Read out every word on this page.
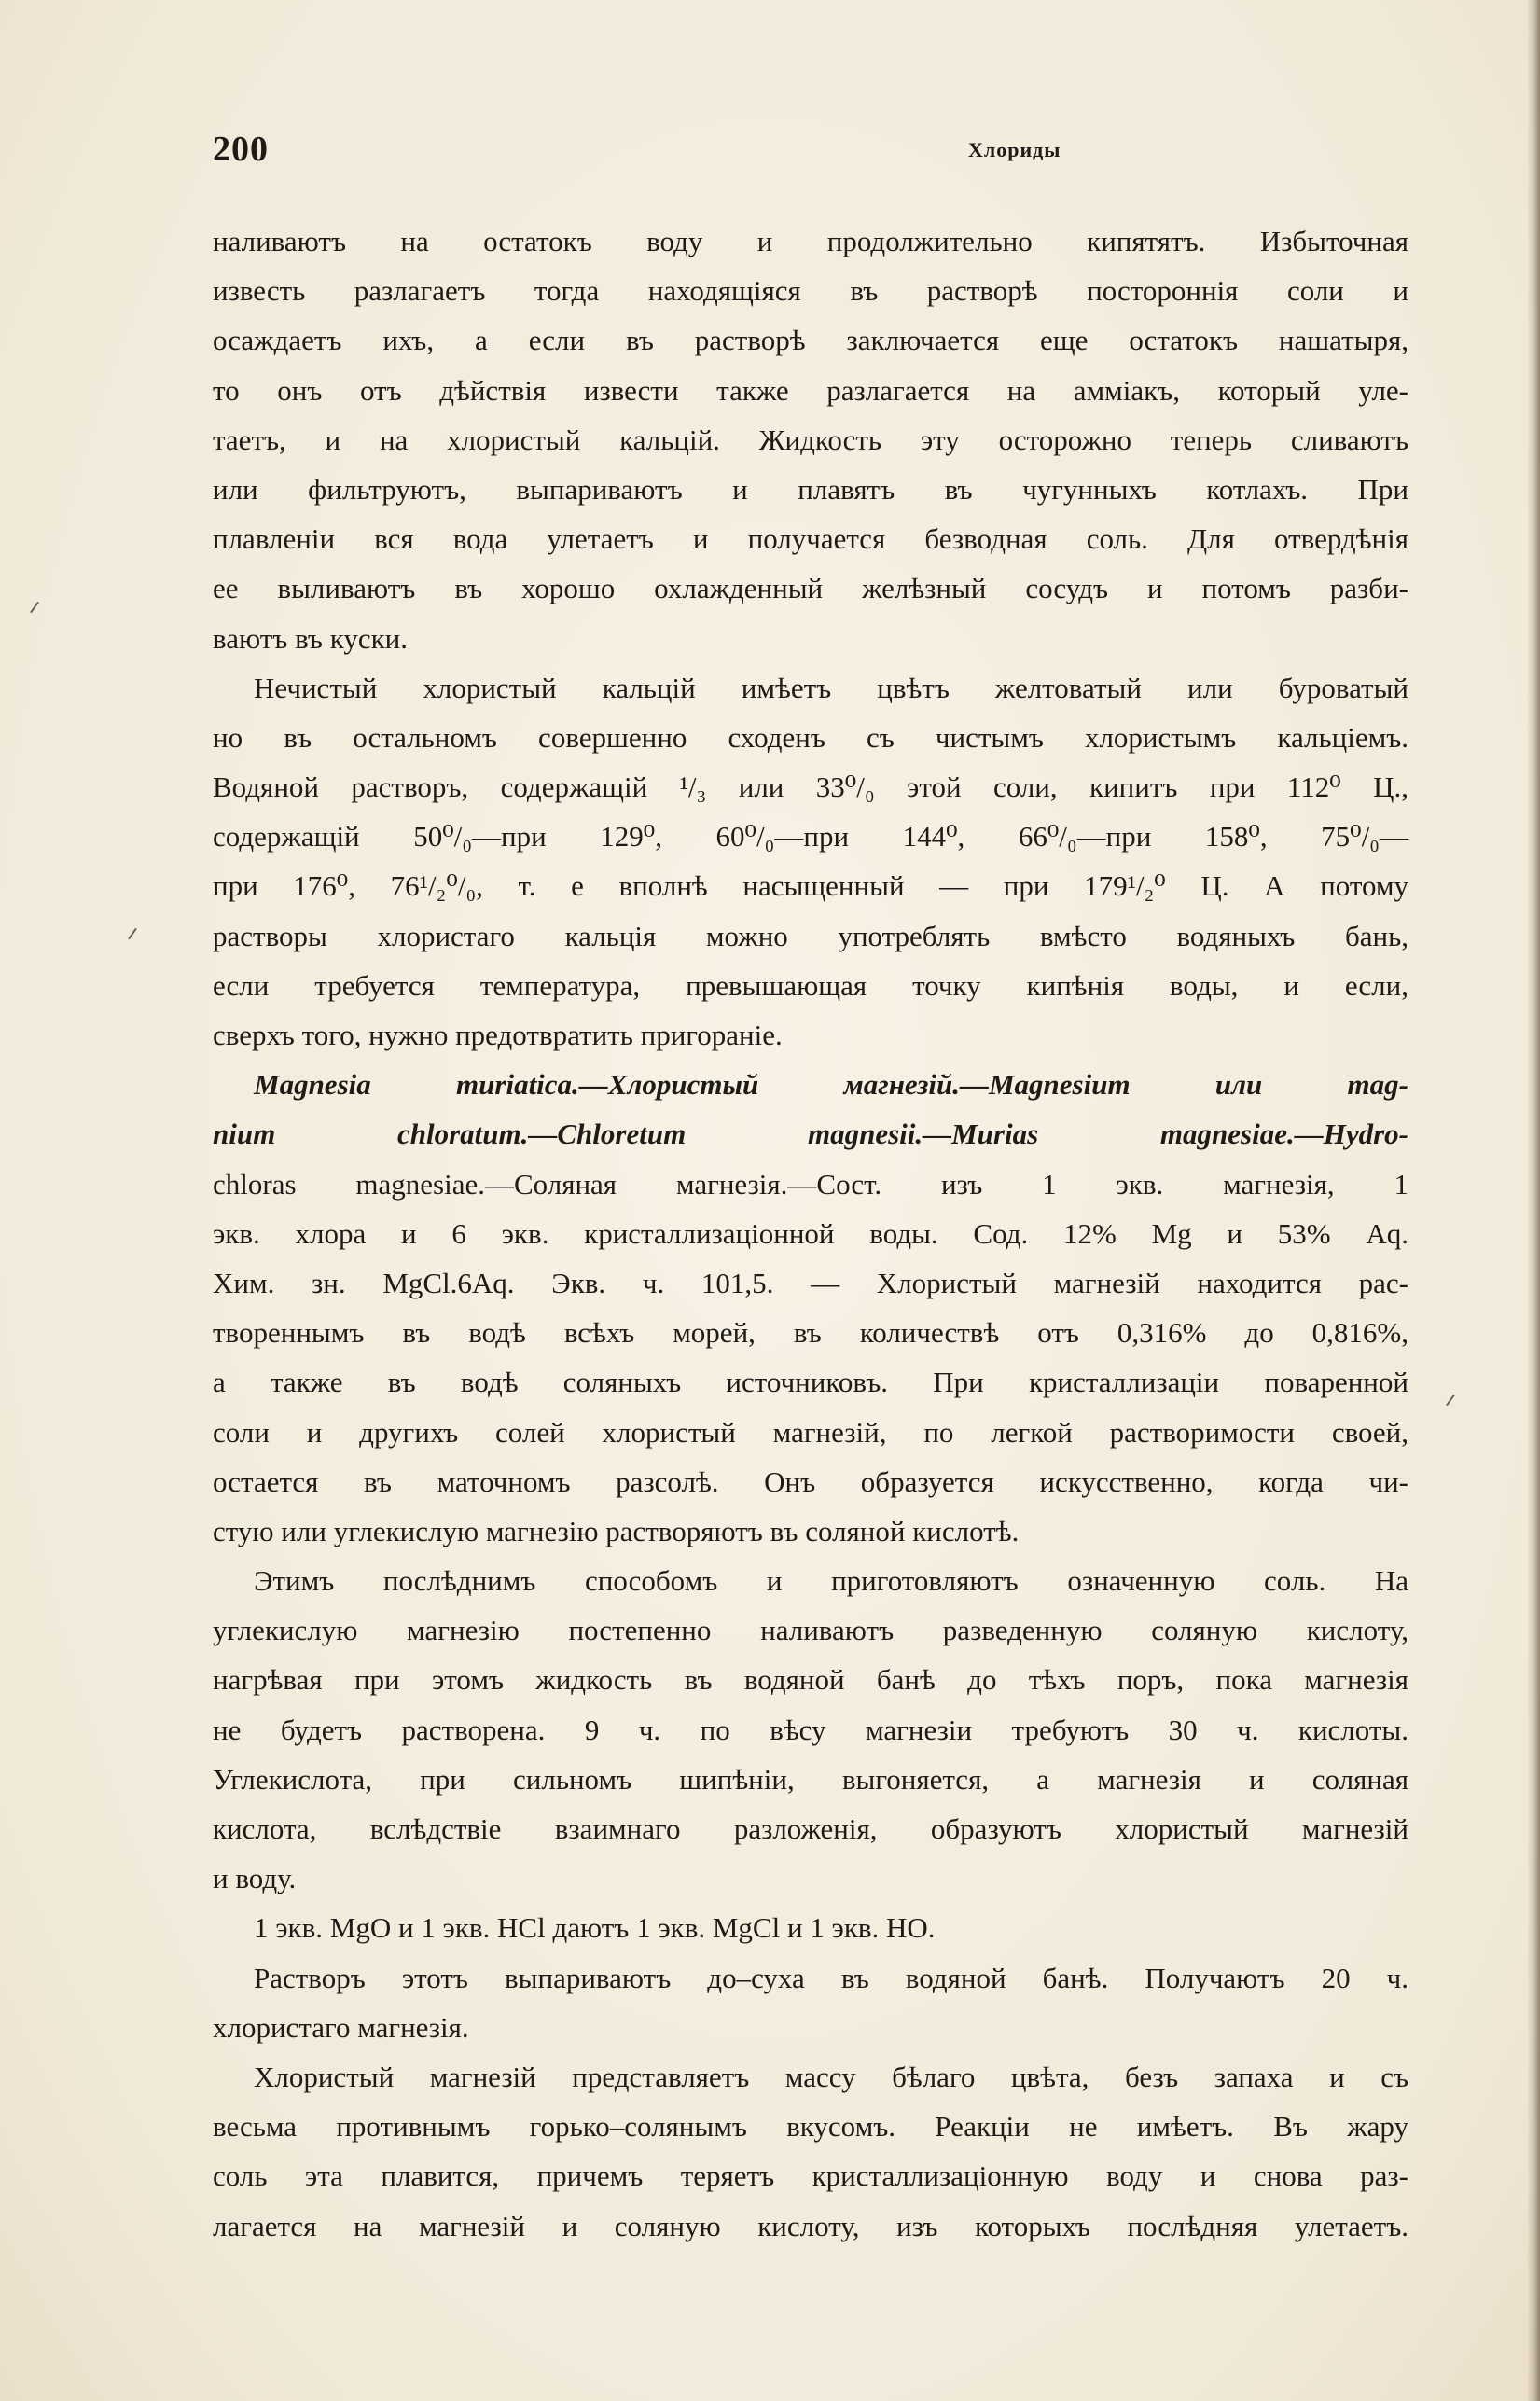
200	Хлориды
наливаютъ на остатокъ воду и продолжительно кипятятъ. Избыточная
известь разлагаетъ тогда находящіяся въ растворѣ постороннія соли и
осаждаетъ ихъ, а если въ растворѣ заключается еще остатокъ нашатыря,
то онъ отъ дѣйствія извести также разлагается на амміакъ, который уле-
таетъ, и на хлористый кальцій. Жидкость эту осторожно теперь сливаютъ
или фильтруютъ, выпариваютъ и плавятъ въ чугунныхъ котлахъ. При
плавленіи вся вода улетаетъ и получается безводная соль. Для отвердѣнія
ее выливаютъ въ хорошо охлажденный желѣзный сосудъ и потомъ разби-
ваютъ въ куски.
Нечистый хлористый кальцій имѣетъ цвѣтъ желтоватый или буроватый
но въ остальномъ совершенно сходенъ съ чистымъ хлористымъ кальціемъ.
Водяной растворъ, содержащій ¹/₃ или 33⁰/₀ этой соли, кипитъ при 112⁰ Ц.,
содержащій 50⁰/₀—при 129⁰, 60⁰/₀—при 144⁰, 66⁰/₀—при 158⁰, 75⁰/₀—
при 176⁰, 76¹/₂⁰/₀, т. е вполнѣ насыщенный — при 179¹/₂⁰ Ц. А потому
растворы хлористаго кальція можно употреблять вмѣсто водяныхъ бань,
если требуется температура, превышающая точку кипѣнія воды, и если,
сверхъ того, нужно предотвратить пригораніе.
Magnesia muriatica.—Хлористый магнезій.—Magnesium или mag-
nium chloratum.—Chloretum magnesii.—Murias magnesiae.—Hydro-
chloras magnesiae.—Соляная магнезія.—Сост. изъ 1 экв. магнезія, 1
экв. хлора и 6 экв. кристаллизаціонной воды. Сод. 12% Mg и 53% Aq.
Хим. зн. MgCl.6Aq. Экв. ч. 101,5. — Хлористый магнезій находится рас-
твореннымъ въ водѣ всѣхъ морей, въ количествѣ отъ 0,316% до 0,816%,
а также въ водѣ соляныхъ источниковъ. При кристаллизаціи поваренной
соли и другихъ солей хлористый магнезій, по легкой растворимости своей,
остается въ маточномъ разсолѣ. Онъ образуется искусственно, когда чи-
стую или углекислую магнезію растворяютъ въ соляной кислотѣ.
Этимъ послѣднимъ способомъ и приготовляютъ означенную соль. На
углекислую магнезію постепенно наливаютъ разведенную соляную кислоту,
нагрѣвая при этомъ жидкость въ водяной банѣ до тѣхъ поръ, пока магнезія
не будетъ растворена. 9 ч. по вѣсу магнезіи требуютъ 30 ч. кислоты.
Углекислота, при сильномъ шипѣніи, выгоняется, а магнезія и соляная
кислота, вслѣдствіе взаимнаго разложенія, образуютъ хлористый магнезій
и воду.
1 экв. MgO и 1 экв. HCl даютъ 1 экв. MgCl и 1 экв. HO.
Растворъ этотъ выпариваютъ до–суха въ водяной банѣ. Получаютъ 20 ч.
хлористаго магнезія.
Хлористый магнезій представляетъ массу бѣлаго цвѣта, безъ запаха и съ
весьма противнымъ горько–солянымъ вкусомъ. Реакціи не имѣетъ. Въ жару
соль эта плавится, причемъ теряетъ кристаллизаціонную воду и снова раз-
лагается на магнезій и соляную кислоту, изъ которыхъ послѣдняя улетаетъ.
